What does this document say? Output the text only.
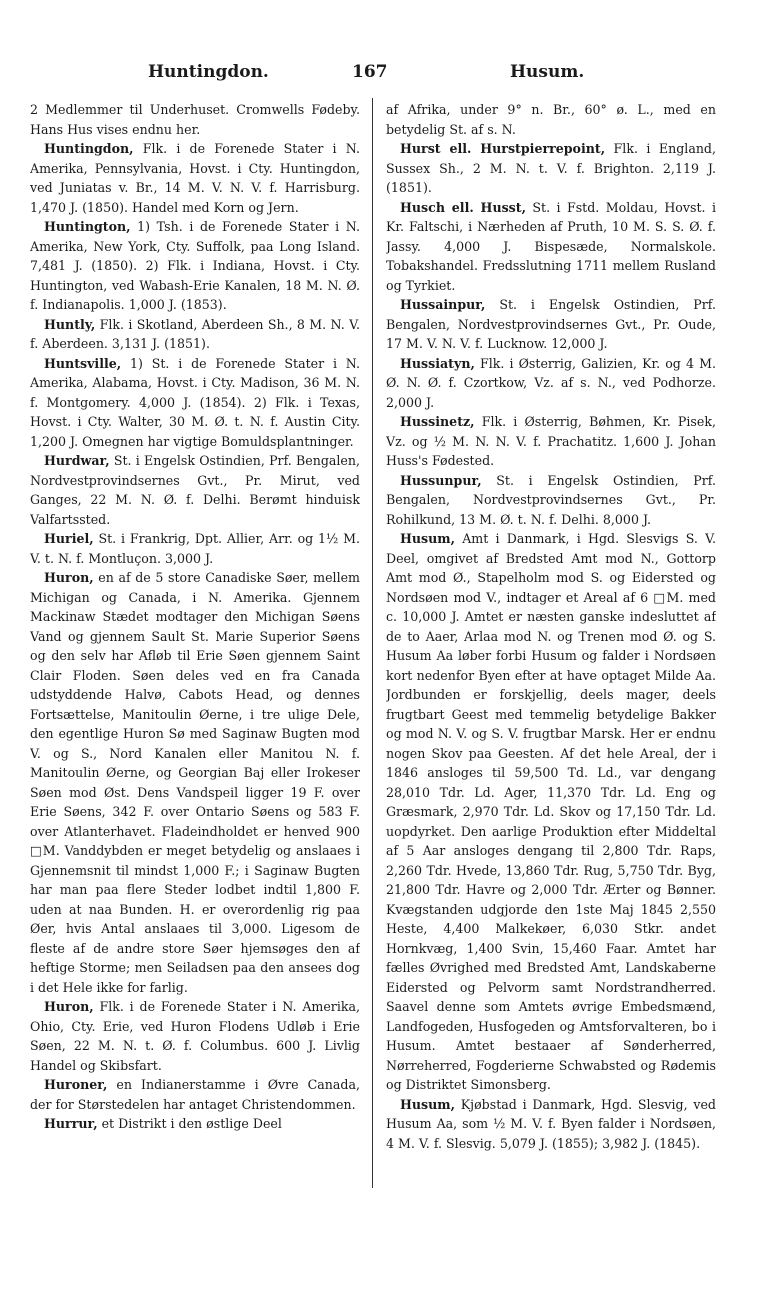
Huntingdon.	167	Husum.

2 Medlemmer til Underhuset. Cromwells Fødeby. Hans Hus vises endnu her.

Huntingdon, Flk. i de Forenede Stater i N. Amerika, Pennsylvania, Hovst. i Cty. Huntingdon, ved Juniatas v. Br., 14 M. V. N. V. f. Harrisburg. 1,470 J. (1850). Handel med Korn og Jern.

Huntington, 1) Tsh. i de Forenede Stater i N. Amerika, New York, Cty. Suffolk, paa Long Island. 7,481 J. (1850). 2) Flk. i Indiana, Hovst. i Cty. Huntington, ved Wabash-Erie Kanalen, 18 M. N. Ø. f. Indianapolis. 1,000 J. (1853).

Huntly, Flk. i Skotland, Aberdeen Sh., 8 M. N. V. f. Aberdeen. 3,131 J. (1851).

Huntsville, 1) St. i de Forenede Stater i N. Amerika, Alabama, Hovst. i Cty. Madison, 36 M. N. f. Montgomery. 4,000 J. (1854). 2) Flk. i Texas, Hovst. i Cty. Walter, 30 M. Ø. t. N. f. Austin City. 1,200 J. Omegnen har vigtige Bomuldsplantninger.

Hurdwar, St. i Engelsk Ostindien, Prf. Bengalen, Nordvestprovindsernes Gvt., Pr. Mirut, ved Ganges, 22 M. N. Ø. f. Delhi. Berømt hinduisk Valfartssted.

Huriel, St. i Frankrig, Dpt. Allier, Arr. og 1½ M. V. t. N. f. Montluçon. 3,000 J.

Huron, en af de 5 store Canadiske Søer, mellem Michigan og Canada, i N. Amerika. Gjennem Mackinaw Stædet modtager den Michigan Søens Vand og gjennem Sault St. Marie Superior Søens og den selv har Afløb til Erie Søen gjennem Saint Clair Floden. Søen deles ved en fra Canada udstyddende Halvø, Cabots Head, og dennes Fortsættelse, Manitoulin Øerne, i tre ulige Dele, den egentlige Huron Sø med Saginaw Bugten mod V. og S., Nord Kanalen eller Manitou N. f. Manitoulin Øerne, og Georgian Baj eller Irokeser Søen mod Øst. Dens Vandspeil ligger 19 F. over Erie Søens, 342 F. over Ontario Søens og 583 F. over Atlanterhavet. Fladeindholdet er henved 900 □M. Vanddybden er meget betydelig og anslaaes i Gjennemsnit til mindst 1,000 F.; i Saginaw Bugten har man paa flere Steder lodbet indtil 1,800 F. uden at naa Bunden. H. er overordenlig rig paa Øer, hvis Antal anslaaes til 3,000. Ligesom de fleste af de andre store Søer hjemsøges den af heftige Storme; men Seiladsen paa den ansees dog i det Hele ikke for farlig.

Huron, Flk. i de Forenede Stater i N. Amerika, Ohio, Cty. Erie, ved Huron Flodens Udløb i Erie Søen, 22 M. N. t. Ø. f. Columbus. 600 J. Livlig Handel og Skibsfart.

Huroner, en Indianerstamme i Øvre Canada, der for Størstedelen har antaget Christendommen.

Hurrur, et Distrikt i den østlige Deel

af Afrika, under 9° n. Br., 60° ø. L., med en betydelig St. af s. N.

Hurst ell. Hurstpierrepoint, Flk. i England, Sussex Sh., 2 M. N. t. V. f. Brighton. 2,119 J. (1851).

Husch ell. Husst, St. i Fstd. Moldau, Hovst. i Kr. Faltschi, i Nærheden af Pruth, 10 M. S. S. Ø. f. Jassy. 4,000 J. Bispesæde, Normalskole. Tobakshandel. Fredsslutning 1711 mellem Rusland og Tyrkiet.

Hussainpur, St. i Engelsk Ostindien, Prf. Bengalen, Nordvestprovindsernes Gvt., Pr. Oude, 17 M. V. N. V. f. Lucknow. 12,000 J.

Hussiatyn, Flk. i Østerrig, Galizien, Kr. og 4 M. Ø. N. Ø. f. Czortkow, Vz. af s. N., ved Podhorze. 2,000 J.

Hussinetz, Flk. i Østerrig, Bøhmen, Kr. Pisek, Vz. og ½ M. N. N. V. f. Prachatitz. 1,600 J. Johan Huss's Fødested.

Hussunpur, St. i Engelsk Ostindien, Prf. Bengalen, Nordvestprovindsernes Gvt., Pr. Rohilkund, 13 M. Ø. t. N. f. Delhi. 8,000 J.

Husum, Amt i Danmark, i Hgd. Slesvigs S. V. Deel, omgivet af Bredsted Amt mod N., Gottorp Amt mod Ø., Stapelholm mod S. og Eidersted og Nordsøen mod V., indtager et Areal af 6 □M. med c. 10,000 J. Amtet er næsten ganske indesluttet af de to Aaer, Arlaa mod N. og Trenen mod Ø. og S. Husum Aa løber forbi Husum og falder i Nordsøen kort nedenfor Byen efter at have optaget Milde Aa. Jordbunden er forskjellig, deels mager, deels frugtbart Geest med temmelig betydelige Bakker og mod N. V. og S. V. frugtbar Marsk. Her er endnu nogen Skov paa Geesten. Af det hele Areal, der i 1846 ansloges til 59,500 Td. Ld., var dengang 28,010 Tdr. Ld. Ager, 11,370 Tdr. Ld. Eng og Græsmark, 2,970 Tdr. Ld. Skov og 17,150 Tdr. Ld. uopdyrket. Den aarlige Produktion efter Middeltal af 5 Aar ansloges dengang til 2,800 Tdr. Raps, 2,260 Tdr. Hvede, 13,860 Tdr. Rug, 5,750 Tdr. Byg, 21,800 Tdr. Havre og 2,000 Tdr. Ærter og Bønner. Kvægstanden udgjorde den 1ste Maj 1845 2,550 Heste, 4,400 Malkekøer, 6,030 Stkr. andet Hornkvæg, 1,400 Svin, 15,460 Faar. Amtet har fælles Øvrighed med Bredsted Amt, Landskaberne Eidersted og Pelvorm samt Nordstrandherred. Saavel denne som Amtets øvrige Embedsmænd, Landfogeden, Husfogeden og Amtsforvalteren, bo i Husum. Amtet bestaaer af Sønderherred, Nørreherred, Fogderierne Schwabsted og Rødemis og Distriktet Simonsberg.

Husum, Kjøbstad i Danmark, Hgd. Slesvig, ved Husum Aa, som ½ M. V. f. Byen falder i Nordsøen, 4 M. V. f. Slesvig. 5,079 J. (1855); 3,982 J. (1845).
